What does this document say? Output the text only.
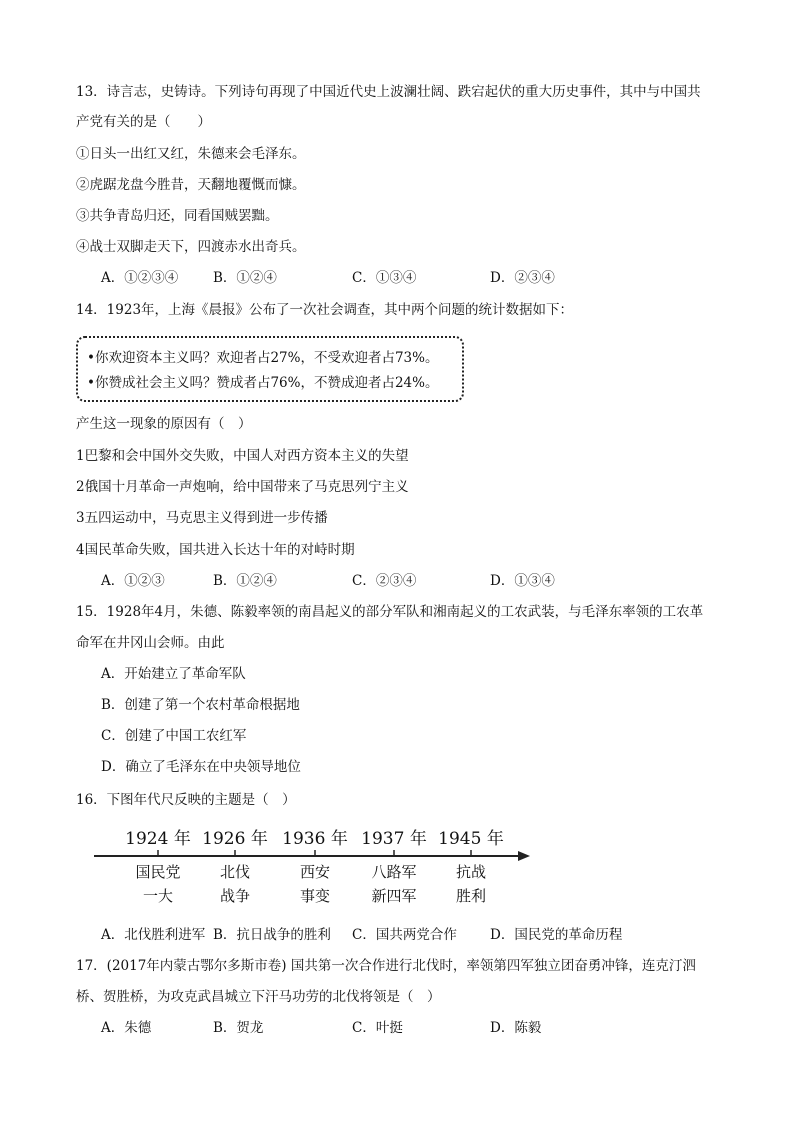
13．诗言志，史铸诗。下列诗句再现了中国近代史上波澜壮阔、跌宕起伏的重大历史事件，其中与中国共
产党有关的是（　　）
①日头一出红又红，朱德来会毛泽东。
②虎踞龙盘今胜昔，天翻地覆慨而慷。
③共争青岛归还，同看国贼罢黜。
④战士双脚走天下，四渡赤水出奇兵。
A．①②③④	B．①②④	C．①③④	D．②③④
14．1923年，上海《晨报》公布了一次社会调查，其中两个问题的统计数据如下：
•你欢迎资本主义吗？欢迎者占27%，不受欢迎者占73%。
•你赞成社会主义吗？赞成者占76%，不赞成迎者占24%。
产生这一现象的原因有（　）
1巴黎和会中国外交失败，中国人对西方资本主义的失望
2俄国十月革命一声炮响，给中国带来了马克思列宁主义
3五四运动中，马克思主义得到进一步传播
4国民革命失败，国共进入长达十年的对峙时期
A．①②③	B．①②④	C．②③④	D．①③④
15．1928年4月，朱德、陈毅率领的南昌起义的部分军队和湘南起义的工农武装，与毛泽东率领的工农革
命军在井冈山会师。由此
A．开始建立了革命军队
B．创建了第一个农村革命根据地
C．创建了中国工农红军
D．确立了毛泽东在中央领导地位
16．下图年代尺反映的主题是（　）
1924 年 1926 年 1936 年 1937 年 1945 年
国民党
一大
北伐
战争
西安
事变
八路军
新四军
抗战
胜利
A．北伐胜利进军 B．抗日战争的胜利 C．国共两党合作 D．国民党的革命历程
17．(2017年内蒙古鄂尔多斯市卷) 国共第一次合作进行北伐时，率领第四军独立团奋勇冲锋，连克汀泗
桥、贺胜桥，为攻克武昌城立下汗马功劳的北伐将领是（　）
A．朱德	B．贺龙	C．叶挺	D．陈毅
